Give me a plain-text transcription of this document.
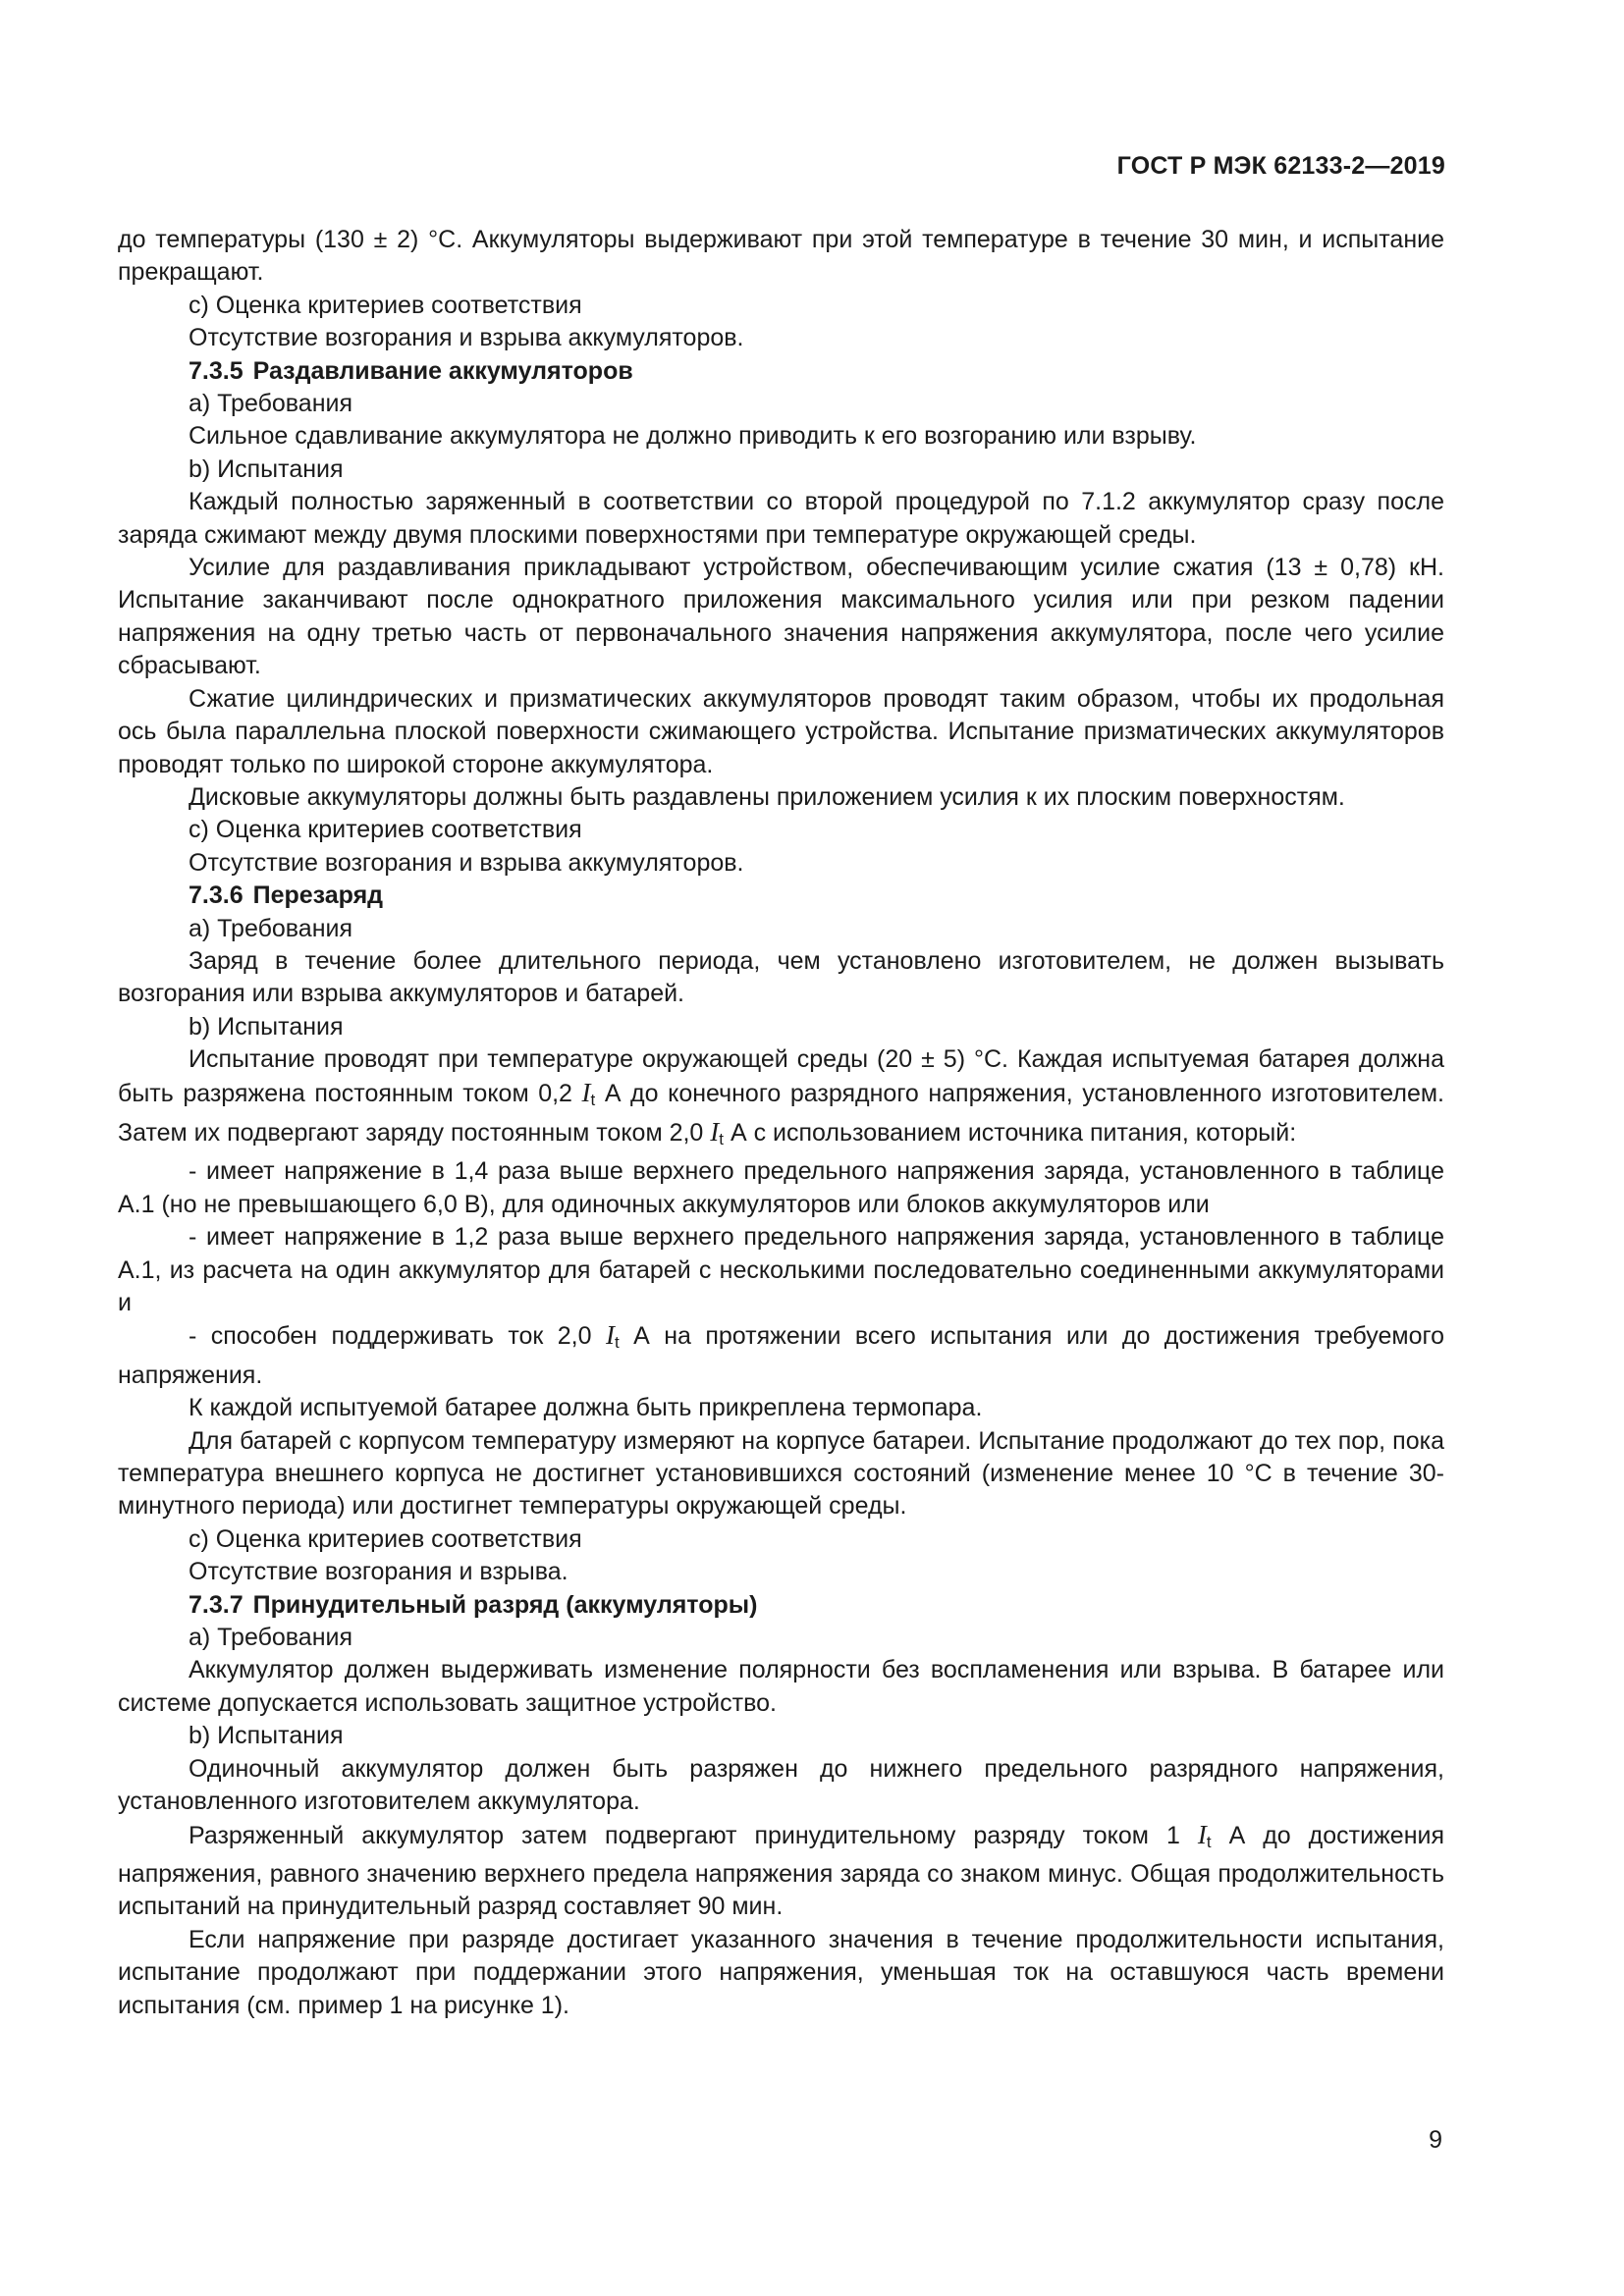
ГОСТ Р МЭК 62133-2—2019

до температуры (130 ± 2) °С. Аккумуляторы выдерживают при этой температуре в течение 30 мин, и испытание прекращают.

с) Оценка критериев соответствия

Отсутствие возгорания и взрыва аккумуляторов.

7.3.5 Раздавливание аккумуляторов

а) Требования

Сильное сдавливание аккумулятора не должно приводить к его возгоранию или взрыву.

b) Испытания

Каждый полностью заряженный в соответствии со второй процедурой по 7.1.2 аккумулятор сразу после заряда сжимают между двумя плоскими поверхностями при температуре окружающей среды.

Усилие для раздавливания прикладывают устройством, обеспечивающим усилие сжатия (13 ± 0,78) кН. Испытание заканчивают после однократного приложения максимального усилия или при резком падении напряжения на одну третью часть от первоначального значения напряжения аккумулятора, после чего усилие сбрасывают.

Сжатие цилиндрических и призматических аккумуляторов проводят таким образом, чтобы их продольная ось была параллельна плоской поверхности сжимающего устройства. Испытание призматических аккумуляторов проводят только по широкой стороне аккумулятора.

Дисковые аккумуляторы должны быть раздавлены приложением усилия к их плоским поверхностям.

с) Оценка критериев соответствия

Отсутствие возгорания и взрыва аккумуляторов.

7.3.6 Перезаряд

а) Требования

Заряд в течение более длительного периода, чем установлено изготовителем, не должен вызывать возгорания или взрыва аккумуляторов и батарей.

b) Испытания

Испытание проводят при температуре окружающей среды (20 ± 5) °С. Каждая испытуемая батарея должна быть разряжена постоянным током 0,2 $I_t$ А до конечного разрядного напряжения, установленного изготовителем. Затем их подвергают заряду постоянным током 2,0 $I_t$ А с использованием источника питания, который:

- имеет напряжение в 1,4 раза выше верхнего предельного напряжения заряда, установленного в таблице А.1 (но не превышающего 6,0 В), для одиночных аккумуляторов или блоков аккумуляторов или

- имеет напряжение в 1,2 раза выше верхнего предельного напряжения заряда, установленного в таблице А.1, из расчета на один аккумулятор для батарей с несколькими последовательно соединенными аккумуляторами и

- способен поддерживать ток 2,0 $I_t$ А на протяжении всего испытания или до достижения требуемого напряжения.

К каждой испытуемой батарее должна быть прикреплена термопара.

Для батарей с корпусом температуру измеряют на корпусе батареи. Испытание продолжают до тех пор, пока температура внешнего корпуса не достигнет установившихся состояний (изменение менее 10 °С в течение 30-минутного периода) или достигнет температуры окружающей среды.

с) Оценка критериев соответствия

Отсутствие возгорания и взрыва.

7.3.7 Принудительный разряд (аккумуляторы)

а) Требования

Аккумулятор должен выдерживать изменение полярности без воспламенения или взрыва. В батарее или системе допускается использовать защитное устройство.

b) Испытания

Одиночный аккумулятор должен быть разряжен до нижнего предельного разрядного напряжения, установленного изготовителем аккумулятора.

Разряженный аккумулятор затем подвергают принудительному разряду током 1 $I_t$ А до достижения напряжения, равного значению верхнего предела напряжения заряда со знаком минус. Общая продолжительность испытаний на принудительный разряд составляет 90 мин.

Если напряжение при разряде достигает указанного значения в течение продолжительности испытания, испытание продолжают при поддержании этого напряжения, уменьшая ток на оставшуюся часть времени испытания (см. пример 1 на рисунке 1).

9
